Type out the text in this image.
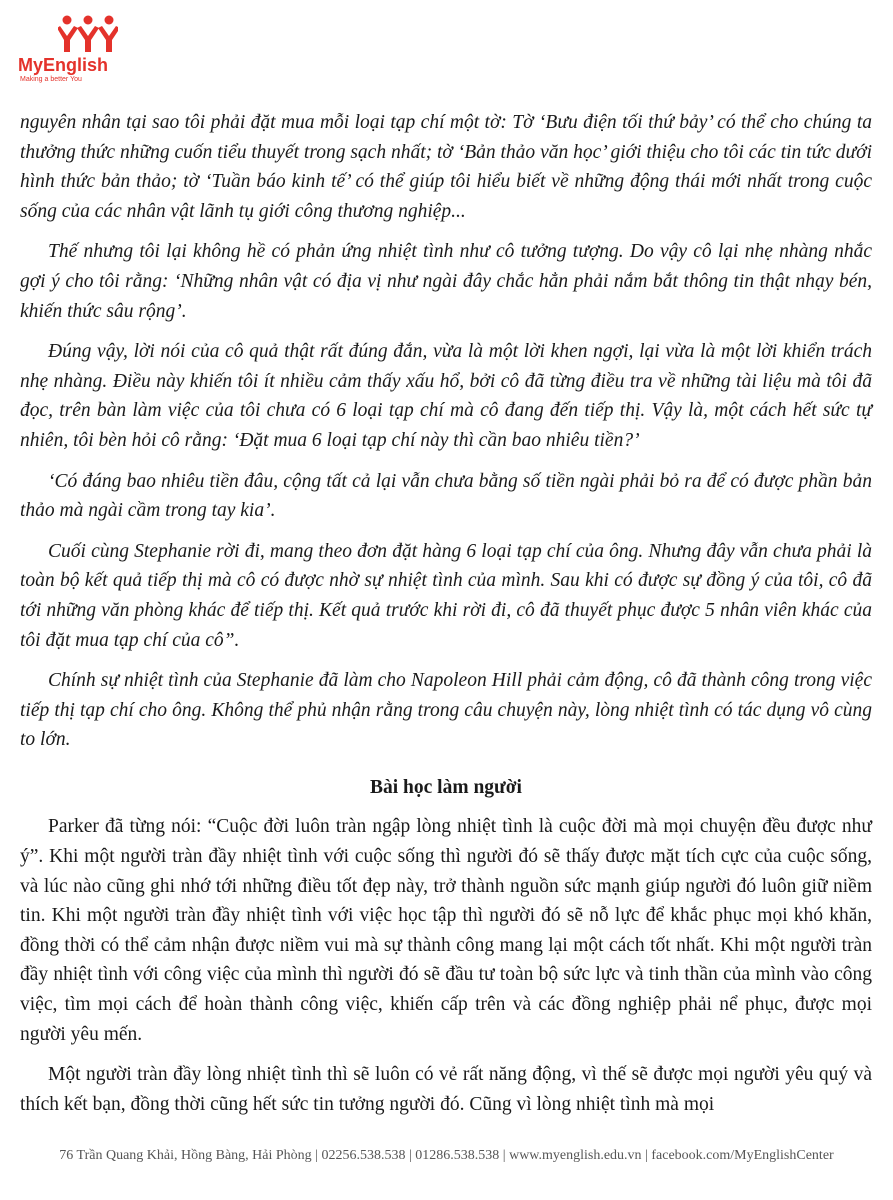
MyEnglish
Making a better You

nguyên nhân tại sao tôi phải đặt mua mỗi loại tạp chí một tờ: Tờ ‘Bưu điện tối thứ bảy’ có thể cho chúng ta thưởng thức những cuốn tiểu thuyết trong sạch nhất; tờ ‘Bản thảo văn học’ giới thiệu cho tôi các tin tức dưới hình thức bản thảo; tờ ‘Tuần báo kinh tế’ có thể giúp tôi hiểu biết về những động thái mới nhất trong cuộc sống của các nhân vật lãnh tụ giới công thương nghiệp...

Thế nhưng tôi lại không hề có phản ứng nhiệt tình như cô tưởng tượng. Do vậy cô lại nhẹ nhàng nhắc gợi ý cho tôi rằng: ‘Những nhân vật có địa vị như ngài đây chắc hẳn phải nắm bắt thông tin thật nhạy bén, khiến thức sâu rộng’.

Đúng vậy, lời nói của cô quả thật rất đúng đắn, vừa là một lời khen ngợi, lại vừa là một lời khiển trách nhẹ nhàng. Điều này khiến tôi ít nhiều cảm thấy xấu hổ, bởi cô đã từng điều tra về những tài liệu mà tôi đã đọc, trên bàn làm việc của tôi chưa có 6 loại tạp chí mà cô đang đến tiếp thị. Vậy là, một cách hết sức tự nhiên, tôi bèn hỏi cô rằng: ‘Đặt mua 6 loại tạp chí này thì cần bao nhiêu tiền?’

‘Có đáng bao nhiêu tiền đâu, cộng tất cả lại vẫn chưa bằng số tiền ngài phải bỏ ra để có được phần bản thảo mà ngài cầm trong tay kia’.

Cuối cùng Stephanie rời đi, mang theo đơn đặt hàng 6 loại tạp chí của ông. Nhưng đây vẫn chưa phải là toàn bộ kết quả tiếp thị mà cô có được nhờ sự nhiệt tình của mình. Sau khi có được sự đồng ý của tôi, cô đã tới những văn phòng khác để tiếp thị. Kết quả trước khi rời đi, cô đã thuyết phục được 5 nhân viên khác của tôi đặt mua tạp chí của cô”.

Chính sự nhiệt tình của Stephanie đã làm cho Napoleon Hill phải cảm động, cô đã thành công trong việc tiếp thị tạp chí cho ông. Không thể phủ nhận rằng trong câu chuyện này, lòng nhiệt tình có tác dụng vô cùng to lớn.

Bài học làm người

Parker đã từng nói: “Cuộc đời luôn tràn ngập lòng nhiệt tình là cuộc đời mà mọi chuyện đều được như ý”. Khi một người tràn đầy nhiệt tình với cuộc sống thì người đó sẽ thấy được mặt tích cực của cuộc sống, và lúc nào cũng ghi nhớ tới những điều tốt đẹp này, trở thành nguồn sức mạnh giúp người đó luôn giữ niềm tin. Khi một người tràn đầy nhiệt tình với việc học tập thì người đó sẽ nỗ lực để khắc phục mọi khó khăn, đồng thời có thể cảm nhận được niềm vui mà sự thành công mang lại một cách tốt nhất. Khi một người tràn đầy nhiệt tình với công việc của mình thì người đó sẽ đầu tư toàn bộ sức lực và tinh thần của mình vào công việc, tìm mọi cách để hoàn thành công việc, khiến cấp trên và các đồng nghiệp phải nể phục, được mọi người yêu mến.

Một người tràn đầy lòng nhiệt tình thì sẽ luôn có vẻ rất năng động, vì thế sẽ được mọi người yêu quý và thích kết bạn, đồng thời cũng hết sức tin tưởng người đó. Cũng vì lòng nhiệt tình mà mọi

76 Trần Quang Khải, Hồng Bàng, Hải Phòng | 02256.538.538 | 01286.538.538 | www.myenglish.edu.vn | facebook.com/MyEnglishCenter
